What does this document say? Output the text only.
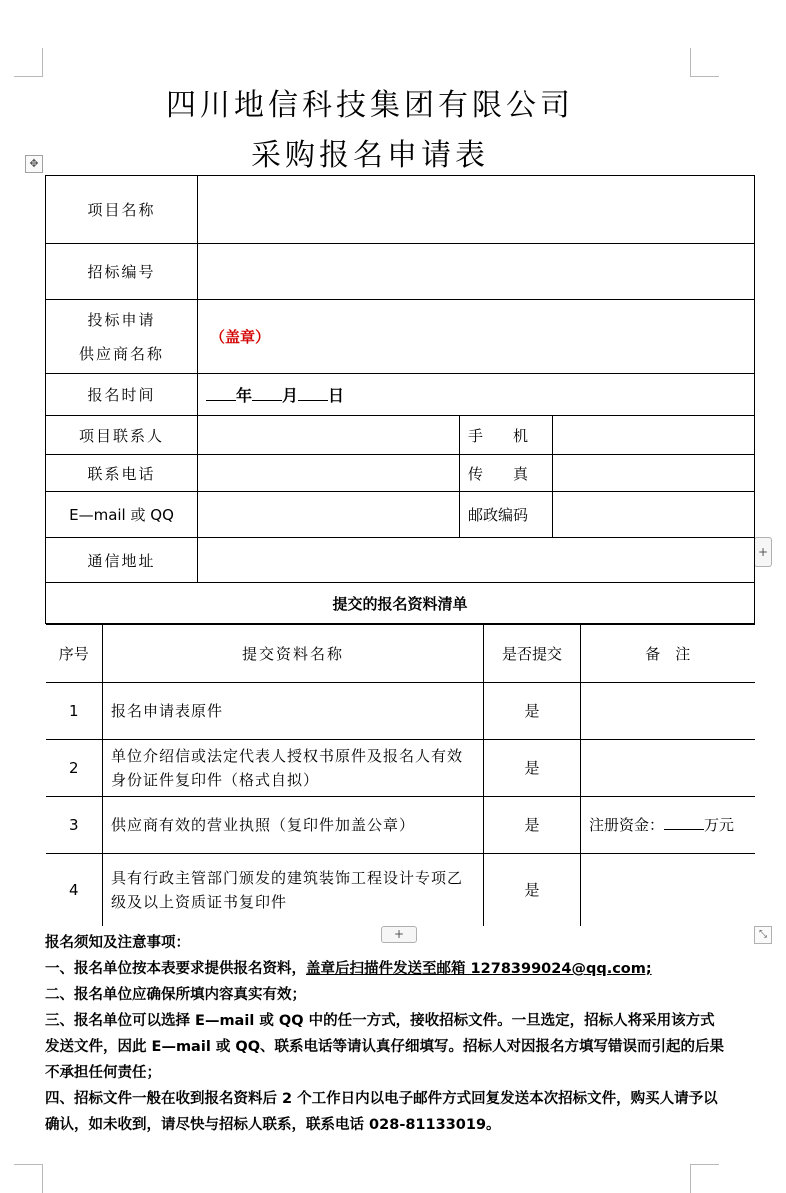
四川地信科技集团有限公司
采购报名申请表
✥
+
+	⤡
项目名称	
招标编号	

投标申请
供应商名称
	（盖章）
报名时间	年 月 日
项目联系人		手　　机	
联系电话		传　　真	
E—mail 或 QQ		邮政编码	
通信地址	
提交的报名资料清单

序号	提交资料名称	是否提交	备　注
1	报名申请表原件	是	
2	单位介绍信或法定代表人授权书原件及报名人有效身份证件复印件（格式自拟）	是	
3	供应商有效的营业执照（复印件加盖公章）	是	注册资金：	万元
4	具有行政主管部门颁发的建筑装饰工程设计专项乙级及以上资质证书复印件	是	

报名须知及注意事项：

一、报名单位按本表要求提供报名资料，盖章后扫描件发送至邮箱 1278399024@qq.com;

二、报名单位应确保所填内容真实有效；

三、报名单位可以选择 E—mail 或 QQ 中的任一方式，接收招标文件。一旦选定，招标人将采用该方式发送文件，因此 E—mail 或 QQ、联系电话等请认真仔细填写。招标人对因报名方填写错误而引起的后果不承担任何责任；

四、招标文件一般在收到报名资料后 2 个工作日内以电子邮件方式回复发送本次招标文件，购买人请予以确认，如未收到，请尽快与招标人联系，联系电话 028-81133019。
